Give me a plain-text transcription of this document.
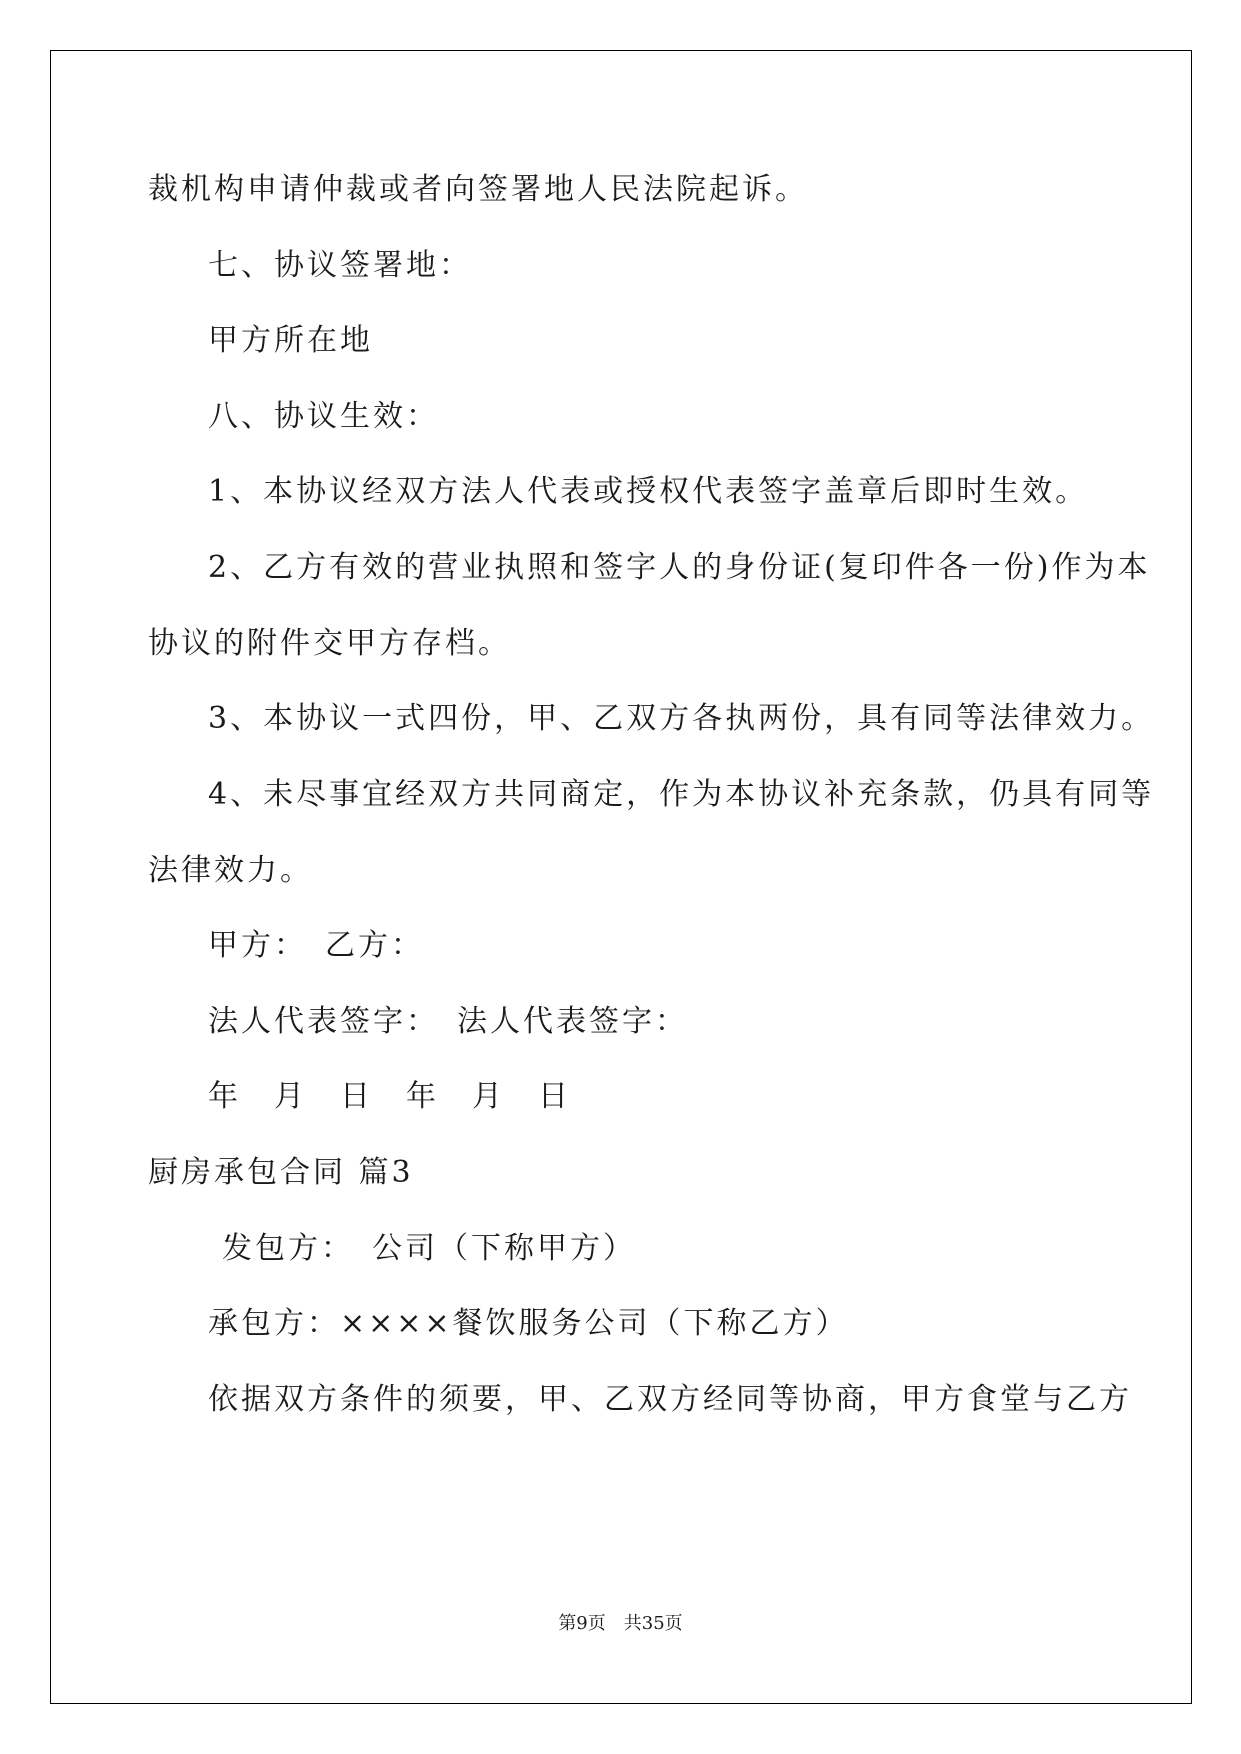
裁机构申请仲裁或者向签署地人民法院起诉。
七、协议签署地：
甲方所在地
八、协议生效：
1、本协议经双方法人代表或授权代表签字盖章后即时生效。
2、乙方有效的营业执照和签字人的身份证(复印件各一份)作为本
协议的附件交甲方存档。
3、本协议一式四份，甲、乙双方各执两份，具有同等法律效力。
4、未尽事宜经双方共同商定，作为本协议补充条款，仍具有同等
法律效力。
甲方：　乙方：
法人代表签字：　法人代表签字：
年　月　日　年　月　日
厨房承包合同 篇3
发包方：　公司（下称甲方）
承包方：××××餐饮服务公司（下称乙方）
依据双方条件的须要，甲、乙双方经同等协商，甲方食堂与乙方
第9页　共35页
